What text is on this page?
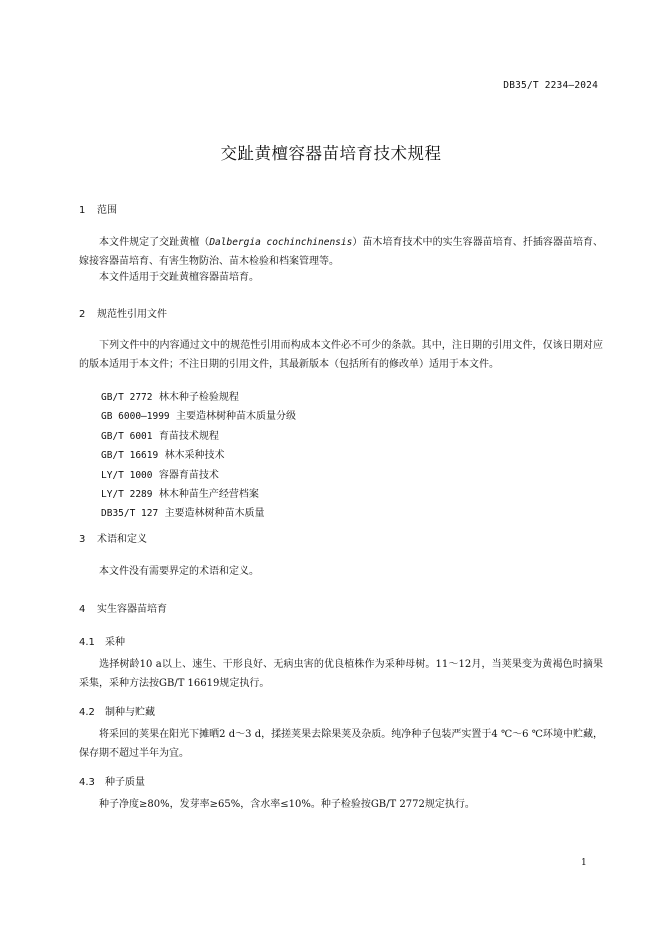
DB35/T 2234—2024
交趾黄檀容器苗培育技术规程
1 范围
本文件规定了交趾黄檀（Dalbergia cochinchinensis）苗木培育技术中的实生容器苗培育、扦插容器苗培育、嫁接容器苗培育、有害生物防治、苗木检验和档案管理等。
本文件适用于交趾黄檀容器苗培育。
2 规范性引用文件
下列文件中的内容通过文中的规范性引用而构成本文件必不可少的条款。其中，注日期的引用文件，仅该日期对应的版本适用于本文件；不注日期的引用文件，其最新版本（包括所有的修改单）适用于本文件。
GB/T 2772 林木种子检验规程
GB 6000—1999 主要造林树种苗木质量分级
GB/T 6001 育苗技术规程
GB/T 16619 林木采种技术
LY/T 1000 容器育苗技术
LY/T 2289 林木种苗生产经营档案
DB35/T 127 主要造林树种苗木质量
3 术语和定义
本文件没有需要界定的术语和定义。
4 实生容器苗培育
4.1 采种
选择树龄10 a以上、速生、干形良好、无病虫害的优良植株作为采种母树。11～12月，当荚果变为黄褐色时摘果采集，采种方法按GB/T 16619规定执行。
4.2 制种与贮藏
将采回的荚果在阳光下摊晒2 d～3 d，揉搓荚果去除果荚及杂质。纯净种子包装严实置于4 ℃～6 ℃环境中贮藏，保存期不超过半年为宜。
4.3 种子质量
种子净度≥80%，发芽率≥65%，含水率≤10%。种子检验按GB/T 2772规定执行。
1
